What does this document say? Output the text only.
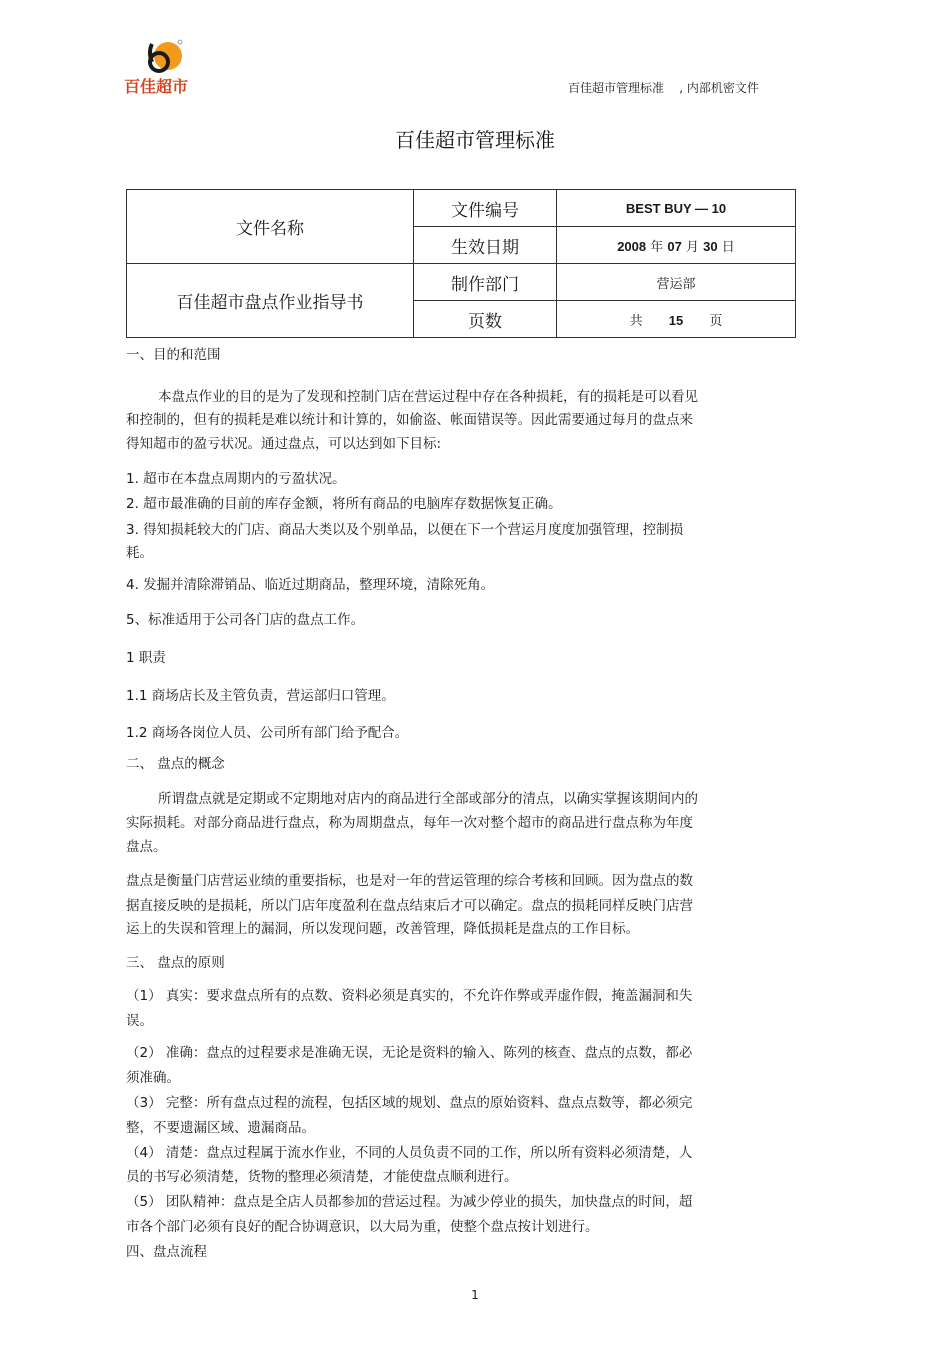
百佳超市	百佳超市管理标准    , 内部机密文件
百佳超市管理标准
文件名称	文件编号	BEST BUY — 10
	生效日期	2008 年 07 月 30 日
百佳超市盘点作业指导书	制作部门	营运部
	页数	共 15 页
一、目的和范围
本盘点作业的目的是为了发现和控制门店在营运过程中存在各种损耗，有的损耗是可以看见
和控制的，但有的损耗是难以统计和计算的，如偷盗、帐面错误等。因此需要通过每月的盘点来
得知超市的盈亏状况。通过盘点，可以达到如下目标:
1. 超市在本盘点周期内的亏盈状况。
2. 超市最准确的目前的库存金额，将所有商品的电脑库存数据恢复正确。
3. 得知损耗较大的门店、商品大类以及个别单品，以便在下一个营运月度度加强管理，控制损
耗。
4. 发掘并清除滞销品、临近过期商品，整理环境，清除死角。
5、标准适用于公司各门店的盘点工作。
1 职责
1.1 商场店长及主管负责，营运部归口管理。
1.2 商场各岗位人员、公司所有部门给予配合。
二、 盘点的概念
所谓盘点就是定期或不定期地对店内的商品进行全部或部分的清点，以确实掌握该期间内的
实际损耗。对部分商品进行盘点，称为周期盘点，每年一次对整个超市的商品进行盘点称为年度
盘点。
盘点是衡量门店营运业绩的重要指标，也是对一年的营运管理的综合考核和回顾。因为盘点的数
据直接反映的是损耗，所以门店年度盈利在盘点结束后才可以确定。盘点的损耗同样反映门店营
运上的失误和管理上的漏洞，所以发现问题，改善管理，降低损耗是盘点的工作目标。
三、 盘点的原则
（1） 真实：要求盘点所有的点数、资料必须是真实的，不允许作弊或弄虚作假，掩盖漏洞和失
误。
（2） 准确：盘点的过程要求是准确无误，无论是资料的输入、陈列的核查、盘点的点数，都必
须准确。
（3） 完整：所有盘点过程的流程，包括区域的规划、盘点的原始资料、盘点点数等，都必须完
整，不要遗漏区域、遗漏商品。
（4） 清楚：盘点过程属于流水作业，不同的人员负责不同的工作，所以所有资料必须清楚，人
员的书写必须清楚，货物的整理必须清楚，才能使盘点顺利进行。
（5） 团队精神：盘点是全店人员都参加的营运过程。为减少停业的损失，加快盘点的时间，超
市各个部门必须有良好的配合协调意识，以大局为重，使整个盘点按计划进行。
四、盘点流程
1
